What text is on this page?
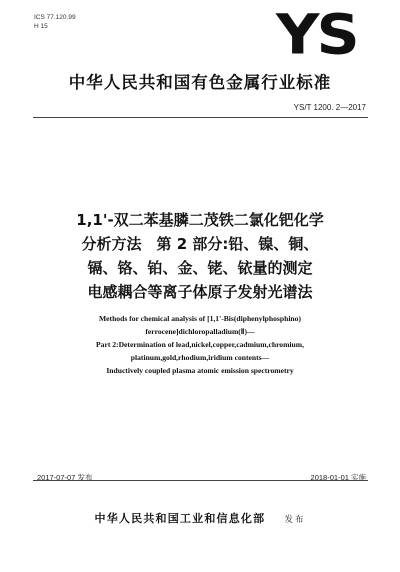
ICS 77.120.99
H 15	YS
中华人民共和国有色金属行业标准
YS/T 1200. 2—2017
1,1'-双二苯基膦二茂铁二氯化钯化学
分析方法　第 2 部分:铅、镍、铜、
镉、铬、铂、金、铑、铱量的测定
电感耦合等离子体原子发射光谱法
Methods for chemical analysis of [1,1'-Bis(diphenylphosphino)
ferrocene]dichloropalladium(Ⅱ)—
Part 2:Determination of lead,nickel,copper,cadmium,chromium,
platinum,gold,rhodium,iridium contents—
Inductively coupled plasma atomic emission spectrometry
2017-07-07 发布	2018-01-01 实施
中华人民共和国工业和信息化部 发布
